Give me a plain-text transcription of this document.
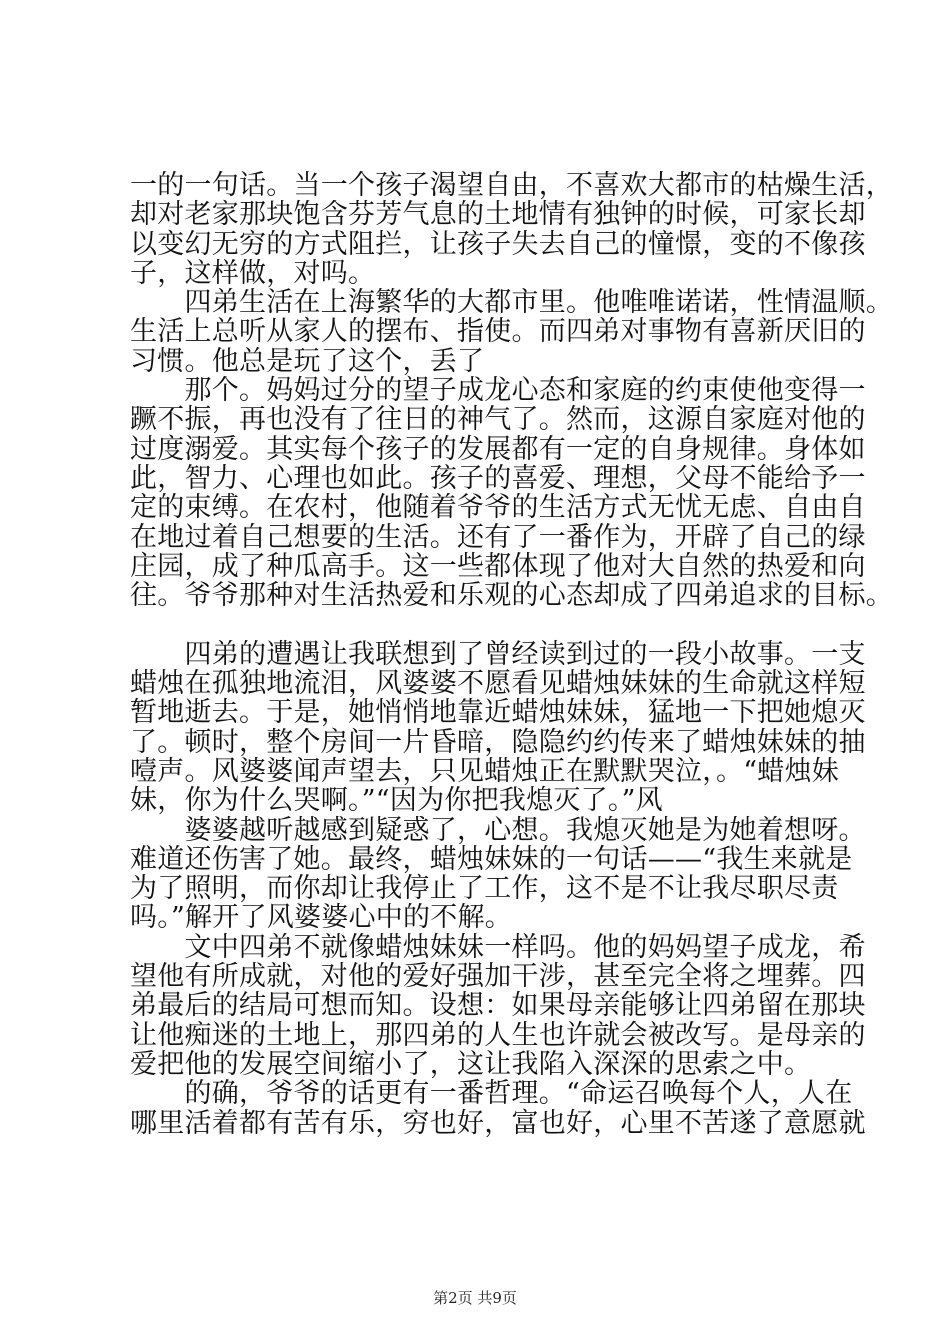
一的一句话。当一个孩子渴望自由，不喜欢大都市的枯燥生活，
却对老家那块饱含芬芳气息的土地情有独钟的时候，可家长却
以变幻无穷的方式阻拦，让孩子失去自己的憧憬，变的不像孩
子，这样做，对吗。
　　四弟生活在上海繁华的大都市里。他唯唯诺诺，性情温顺。
生活上总听从家人的摆布、指使。而四弟对事物有喜新厌旧的
习惯。他总是玩了这个，丢了
　　那个。妈妈过分的望子成龙心态和家庭的约束使他变得一
蹶不振，再也没有了往日的神气了。然而，这源自家庭对他的
过度溺爱。其实每个孩子的发展都有一定的自身规律。身体如
此，智力、心理也如此。孩子的喜爱、理想，父母不能给予一
定的束缚。在农村，他随着爷爷的生活方式无忧无虑、自由自
在地过着自己想要的生活。还有了一番作为，开辟了自己的绿
庄园，成了种瓜高手。这一些都体现了他对大自然的热爱和向
往。爷爷那种对生活热爱和乐观的心态却成了四弟追求的目标。
　　四弟的遭遇让我联想到了曾经读到过的一段小故事。一支
蜡烛在孤独地流泪，风婆婆不愿看见蜡烛妹妹的生命就这样短
暂地逝去。于是，她悄悄地靠近蜡烛妹妹，猛地一下把她熄灭
了。顿时，整个房间一片昏暗，隐隐约约传来了蜡烛妹妹的抽
噎声。风婆婆闻声望去，只见蜡烛正在默默哭泣，。“蜡烛妹
妹，你为什么哭啊。”“因为你把我熄灭了。”风
　　婆婆越听越感到疑惑了，心想。我熄灭她是为她着想呀。
难道还伤害了她。最终，蜡烛妹妹的一句话——“我生来就是
为了照明，而你却让我停止了工作，这不是不让我尽职尽责
吗。”解开了风婆婆心中的不解。
　　文中四弟不就像蜡烛妹妹一样吗。他的妈妈望子成龙，希
望他有所成就，对他的爱好强加干涉，甚至完全将之埋葬。四
弟最后的结局可想而知。设想：如果母亲能够让四弟留在那块
让他痴迷的土地上，那四弟的人生也许就会被改写。是母亲的
爱把他的发展空间缩小了，这让我陷入深深的思索之中。
　　的确，爷爷的话更有一番哲理。“命运召唤每个人，人在
哪里活着都有苦有乐，穷也好，富也好，心里不苦遂了意愿就
第2页 共9页
